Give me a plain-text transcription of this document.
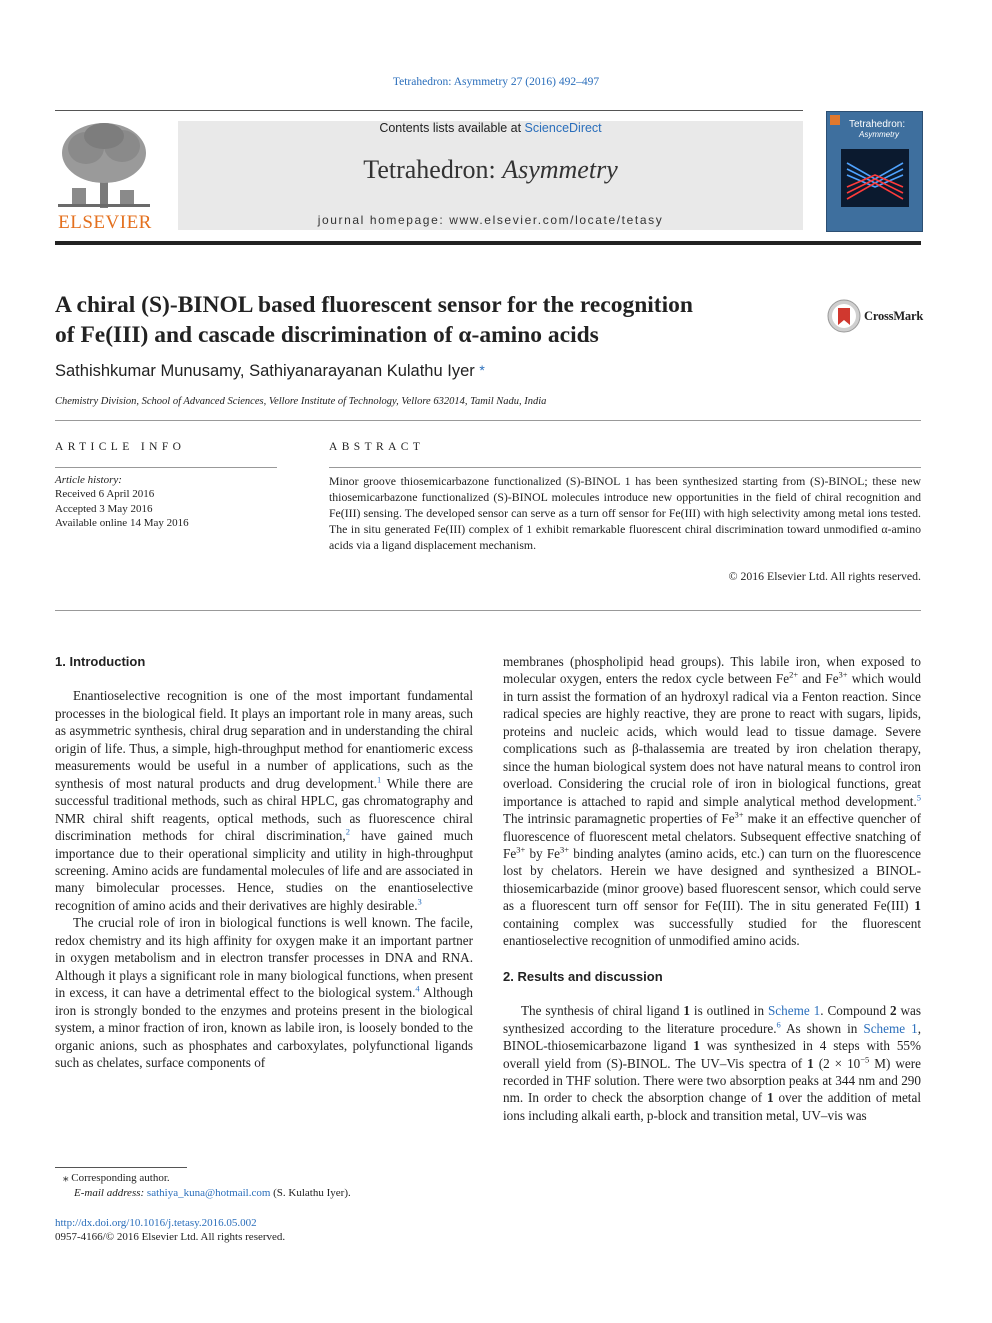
Tetrahedron: Asymmetry 27 (2016) 492–497
ELSEVIER
Contents lists available at ScienceDirect
Tetrahedron: Asymmetry
journal homepage: www.elsevier.com/locate/tetasy
Tetrahedron:
Asymmetry
A chiral (S)-BINOL based fluorescent sensor for the recognition
of Fe(III) and cascade discrimination of α-amino acids
CrossMark
Sathishkumar Munusamy, Sathiyanarayanan Kulathu Iyer *
Chemistry Division, School of Advanced Sciences, Vellore Institute of Technology, Vellore 632014, Tamil Nadu, India
ARTICLE INFO
Article history:
Received 6 April 2016
Accepted 3 May 2016
Available online 14 May 2016
ABSTRACT
Minor groove thiosemicarbazone functionalized (S)-BINOL 1 has been synthesized starting from (S)-BINOL; these new thiosemicarbazone functionalized (S)-BINOL molecules introduce new opportunities in the field of chiral recognition and Fe(III) sensing. The developed sensor can serve as a turn off sensor for Fe(III) with high selectivity among metal ions tested. The in situ generated Fe(III) complex of 1 exhibit remarkable fluorescent chiral discrimination toward unmodified α-amino acids via a ligand displacement mechanism.
© 2016 Elsevier Ltd. All rights reserved.
1. Introduction

Enantioselective recognition is one of the most important fundamental processes in the biological field. It plays an important role in many areas, such as asymmetric synthesis, chiral drug separation and in understanding the chiral origin of life. Thus, a simple, high-throughput method for enantiomeric excess measurements would be useful in a number of applications, such as the synthesis of most natural products and drug development.$^1$ While there are successful traditional methods, such as chiral HPLC, gas chromatography and NMR chiral shift reagents, optical methods, such as fluorescence chiral discrimination methods for chiral discrimination,$^2$ have gained much importance due to their operational simplicity and utility in high-throughput screening. Amino acids are fundamental molecules of life and are associated in many bimolecular processes. Hence, studies on the enantioselective recognition of amino acids and their derivatives are highly desirable.$^3$

The crucial role of iron in biological functions is well known. The facile, redox chemistry and its high affinity for oxygen make it an important partner in oxygen metabolism and in electron transfer processes in DNA and RNA. Although it plays a significant role in many biological functions, when present in excess, it can have a detrimental effect to the biological system.$^4$ Although iron is strongly bonded to the enzymes and proteins present in the biological system, a minor fraction of iron, known as labile iron, is loosely bonded to the organic anions, such as phosphates and carboxylates, polyfunctional ligands such as chelates, surface components of

membranes (phospholipid head groups). This labile iron, when exposed to molecular oxygen, enters the redox cycle between $Fe^{2+}$ and $Fe^{3+}$ which would in turn assist the formation of an hydroxyl radical via a Fenton reaction. Since radical species are highly reactive, they are prone to react with sugars, lipids, proteins and nucleic acids, which would lead to tissue damage. Severe complications such as β-thalassemia are treated by iron chelation therapy, since the human biological system does not have natural means to control iron overload. Considering the crucial role of iron in biological functions, great importance is attached to rapid and simple analytical method development.$^5$ The intrinsic paramagnetic properties of $Fe^{3+}$ make it an effective quencher of fluorescence of fluorescent metal chelators. Subsequent effective snatching of $Fe^{3+}$ by $Fe^{3+}$ binding analytes (amino acids, etc.) can turn on the fluorescence lost by chelators. Herein we have designed and synthesized a BINOL-thiosemicarbazide (minor groove) based fluorescent sensor, which could serve as a fluorescent turn off sensor for Fe(III). The in situ generated Fe(III) 1 containing complex was successfully studied for the fluorescent enantioselective recognition of unmodified amino acids.

2. Results and discussion

The synthesis of chiral ligand 1 is outlined in Scheme 1. Compound 2 was synthesized according to the literature procedure.$^6$ As shown in Scheme 1, BINOL-thiosemicarbazone ligand 1 was synthesized in 4 steps with 55% overall yield from (S)-BINOL. The UV–Vis spectra of 1 ($2 \times 10^{-5}$ M) were recorded in THF solution. There were two absorption peaks at 344 nm and 290 nm. In order to check the absorption change of 1 over the addition of metal ions including alkali earth, p-block and transition metal, UV–vis was

⁎ Corresponding author.
E-mail address: sathiya_kuna@hotmail.com (S. Kulathu Iyer).
http://dx.doi.org/10.1016/j.tetasy.2016.05.002
0957-4166/© 2016 Elsevier Ltd. All rights reserved.
